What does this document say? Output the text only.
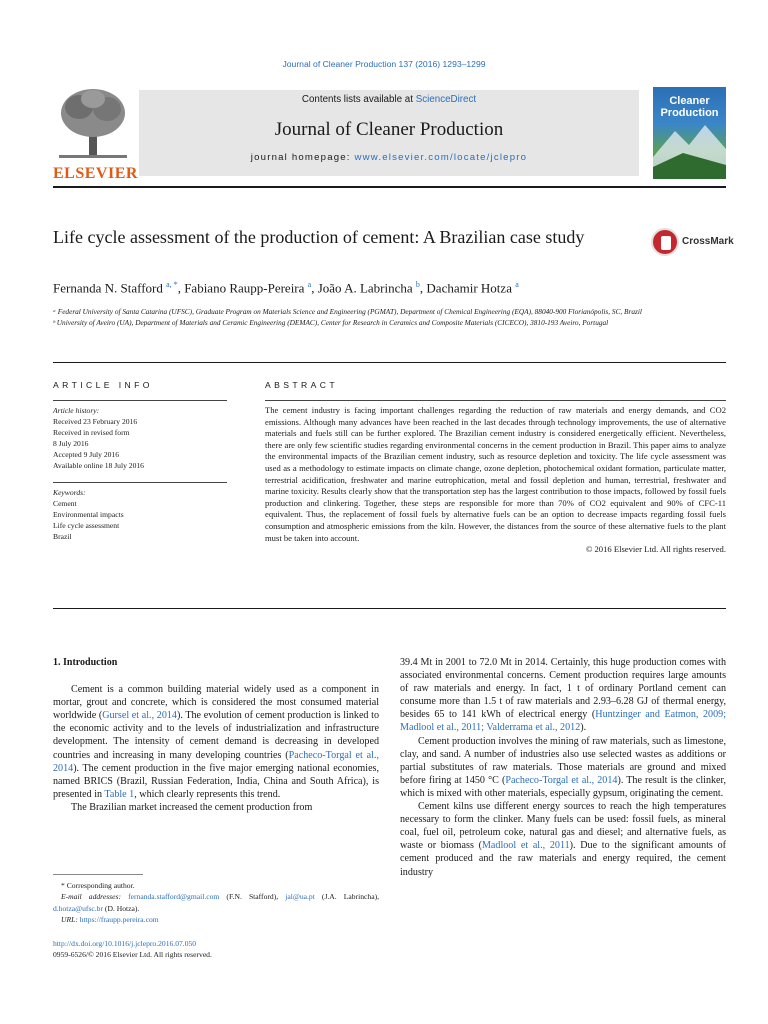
Journal of Cleaner Production 137 (2016) 1293–1299
ELSEVIER
Contents lists available at ScienceDirect
Journal of Cleaner Production
journal homepage: www.elsevier.com/locate/jclepro
Cleaner Production
Life cycle assessment of the production of cement: A Brazilian case study	CrossMark
Fernanda N. Stafford $^{a, *}$, Fabiano Raupp-Pereira $^a$, João A. Labrincha $^b$, Dachamir Hotza $^a$
ᵃ Federal University of Santa Catarina (UFSC), Graduate Program on Materials Science and Engineering (PGMAT), Department of Chemical Engineering (EQA), 88040-900 Florianópolis, SC, Brazil
ᵇ University of Aveiro (UA), Department of Materials and Ceramic Engineering (DEMAC), Center for Research in Ceramics and Composite Materials (CICECO), 3810-193 Aveiro, Portugal
ARTICLE INFO	ABSTRACT
Article history:
Received 23 February 2016
Received in revised form
8 July 2016
Accepted 9 July 2016
Available online 18 July 2016
Keywords:
Cement
Environmental impacts
Life cycle assessment
Brazil
The cement industry is facing important challenges regarding the reduction of raw materials and energy demands, and CO2 emissions. Although many advances have been reached in the last decades through technology improvements, the use of alternative materials and fuels still can be further explored. The Brazilian cement industry is considered energetically efficient. Nevertheless, there are only few scientific studies regarding environmental concerns in the cement production in Brazil. This paper aims to analyze the environmental impacts of the Brazilian cement industry, such as resource depletion and toxicity. The life cycle assessment was used as a methodology to estimate impacts on climate change, ozone depletion, photochemical oxidant formation, particulate matter, terrestrial acidification, freshwater and marine eutrophication, metal and fossil depletion and human, terrestrial, freshwater and marine toxicity. Results clearly show that the transportation step has the largest contribution to those impacts, followed by fossil fuels production and clinkering. Together, these steps are responsible for more than 70% of CO2 equivalent and 90% of CFC-11 equivalent. Thus, the replacement of fossil fuels by alternative fuels can be an option to decrease impacts regarding fossil fuels consumption and atmospheric emissions from the kiln. However, the distances from the source of these alternative fuels to the plant must be taken into account.
© 2016 Elsevier Ltd. All rights reserved.

1. Introduction

Cement is a common building material widely used as a component in mortar, grout and concrete, which is considered the most consumed material worldwide (Gursel et al., 2014). The evolution of cement production is linked to the economic activity and to the levels of industrialization and infrastructure development. The intensity of cement demand is decreasing in developed countries and increasing in many developing countries (Pacheco-Torgal et al., 2014). The cement production in the five major emerging national economies, named BRICS (Brazil, Russian Federation, India, China and South Africa), is presented in Table 1, which clearly represents this trend.

The Brazilian market increased the cement production from

* Corresponding author.
E-mail addresses: fernanda.stafford@gmail.com (F.N. Stafford), jal@ua.pt (J.A. Labrincha), d.hotza@ufsc.br (D. Hotza).
URL: https://fraupp.pereira.com
http://dx.doi.org/10.1016/j.jclepro.2016.07.050
0959-6526/© 2016 Elsevier Ltd. All rights reserved.

39.4 Mt in 2001 to 72.0 Mt in 2014. Certainly, this huge production comes with associated environmental concerns. Cement production requires large amounts of raw materials and energy. In fact, 1 t of ordinary Portland cement can consume more than 1.5 t of raw materials and 2.93–6.28 GJ of thermal energy, besides 65 to 141 kWh of electrical energy (Huntzinger and Eatmon, 2009; Madlool et al., 2011; Valderrama et al., 2012).

Cement production involves the mining of raw materials, such as limestone, clay, and sand. A number of industries also use selected wastes as additions or partial substitutes of raw materials. Those materials are ground and mixed before firing at 1450 °C (Pacheco-Torgal et al., 2014). The result is the clinker, which is mixed with other materials, especially gypsum, originating the cement.

Cement kilns use different energy sources to reach the high temperatures necessary to form the clinker. Many fuels can be used: fossil fuels, as mineral coal, fuel oil, petroleum coke, natural gas and diesel; and alternative fuels, as waste or biomass (Madlool et al., 2011). Due to the significant amounts of cement produced and the raw materials and energy required, the cement industry
